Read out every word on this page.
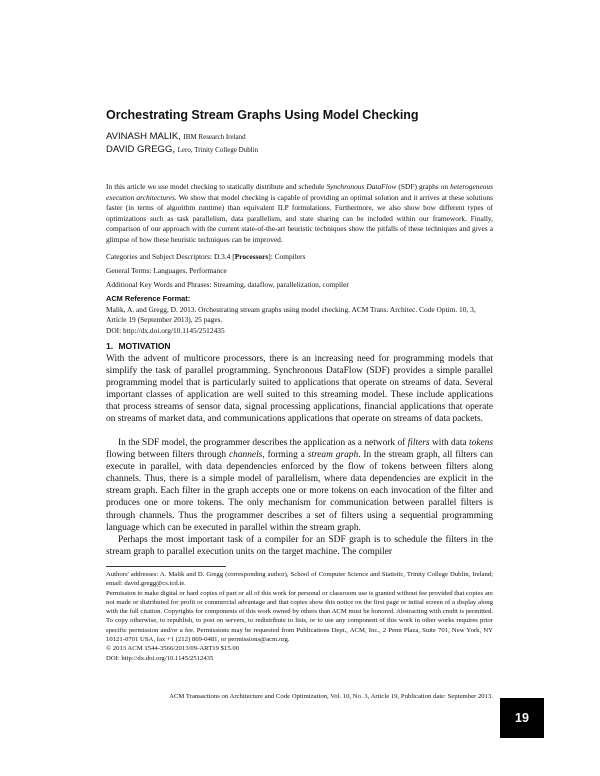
Orchestrating Stream Graphs Using Model Checking
AVINASH MALIK, IBM Research Ireland
DAVID GREGG, Lero, Trinity College Dublin

In this article we use model checking to statically distribute and schedule Synchronous DataFlow (SDF) graphs on heterogeneous execution architectures. We show that model checking is capable of providing an optimal solution and it arrives at these solutions faster (in terms of algorithm runtime) than equivalent ILP formulations. Furthermore, we also show how different types of optimizations such as task parallelism, data parallelism, and state sharing can be included within our framework. Finally, comparison of our approach with the current state-of-the-art heuristic techniques show the pitfalls of these techniques and gives a glimpse of how these heuristic techniques can be improved.

Categories and Subject Descriptors: D.3.4 [Processors]: Compilers

General Terms: Languages, Performance

Additional Key Words and Phrases: Streaming, dataflow, parallelization, compiler

ACM Reference Format:
Malik, A. and Gregg, D. 2013. Orchestrating stream graphs using model checking. ACM Trans. Architec. Code Optim. 10, 3, Article 19 (September 2013), 25 pages.
DOI: http://dx.doi.org/10.1145/2512435
1. MOTIVATION

With the advent of multicore processors, there is an increasing need for programming models that simplify the task of parallel programming. Synchronous DataFlow (SDF) provides a simple parallel programming model that is particularly suited to applications that operate on streams of data. Several important classes of application are well suited to this streaming model. These include applications that process streams of sensor data, signal processing applications, financial applications that operate on streams of market data, and communications applications that operate on streams of data packets.

In the SDF model, the programmer describes the application as a network of filters with data tokens flowing between filters through channels, forming a stream graph. In the stream graph, all filters can execute in parallel, with data dependencies enforced by the flow of tokens between filters along channels. Thus, there is a simple model of parallelism, where data dependencies are explicit in the stream graph. Each filter in the graph accepts one or more tokens on each invocation of the filter and produces one or more tokens. The only mechanism for communication between parallel filters is through channels. Thus the programmer describes a set of filters using a sequential programming language which can be executed in parallel within the stream graph.

Perhaps the most important task of a compiler for an SDF graph is to schedule the filters in the stream graph to parallel execution units on the target machine. The compiler

Authors' addresses: A. Malik and D. Gregg (corresponding author), School of Computer Science and Statistic, Trinity College Dublin, Ireland; email: david.gregg@cs.tcd.ie.
Permission to make digital or hard copies of part or all of this work for personal or classroom use is granted without fee provided that copies are not made or distributed for profit or commercial advantage and that copies show this notice on the first page or initial screen of a display along with the full citation. Copyrights for components of this work owned by others than ACM must be honored. Abstracting with credit is permitted. To copy otherwise, to republish, to post on servers, to redistribute to lists, or to use any component of this work in other works requires prior specific permission and/or a fee. Permissions may be requested from Publications Dept., ACM, Inc., 2 Penn Plaza, Suite 701, New York, NY 10121-0701 USA, fax +1 (212) 869-0481, or permissions@acm.org.
© 2013 ACM 1544-3566/2013/09-ART19 $15.00
DOI: http://dx.doi.org/10.1145/2512435
ACM Transactions on Architecture and Code Optimization, Vol. 10, No. 3, Article 19, Publication date: September 2013.
19
